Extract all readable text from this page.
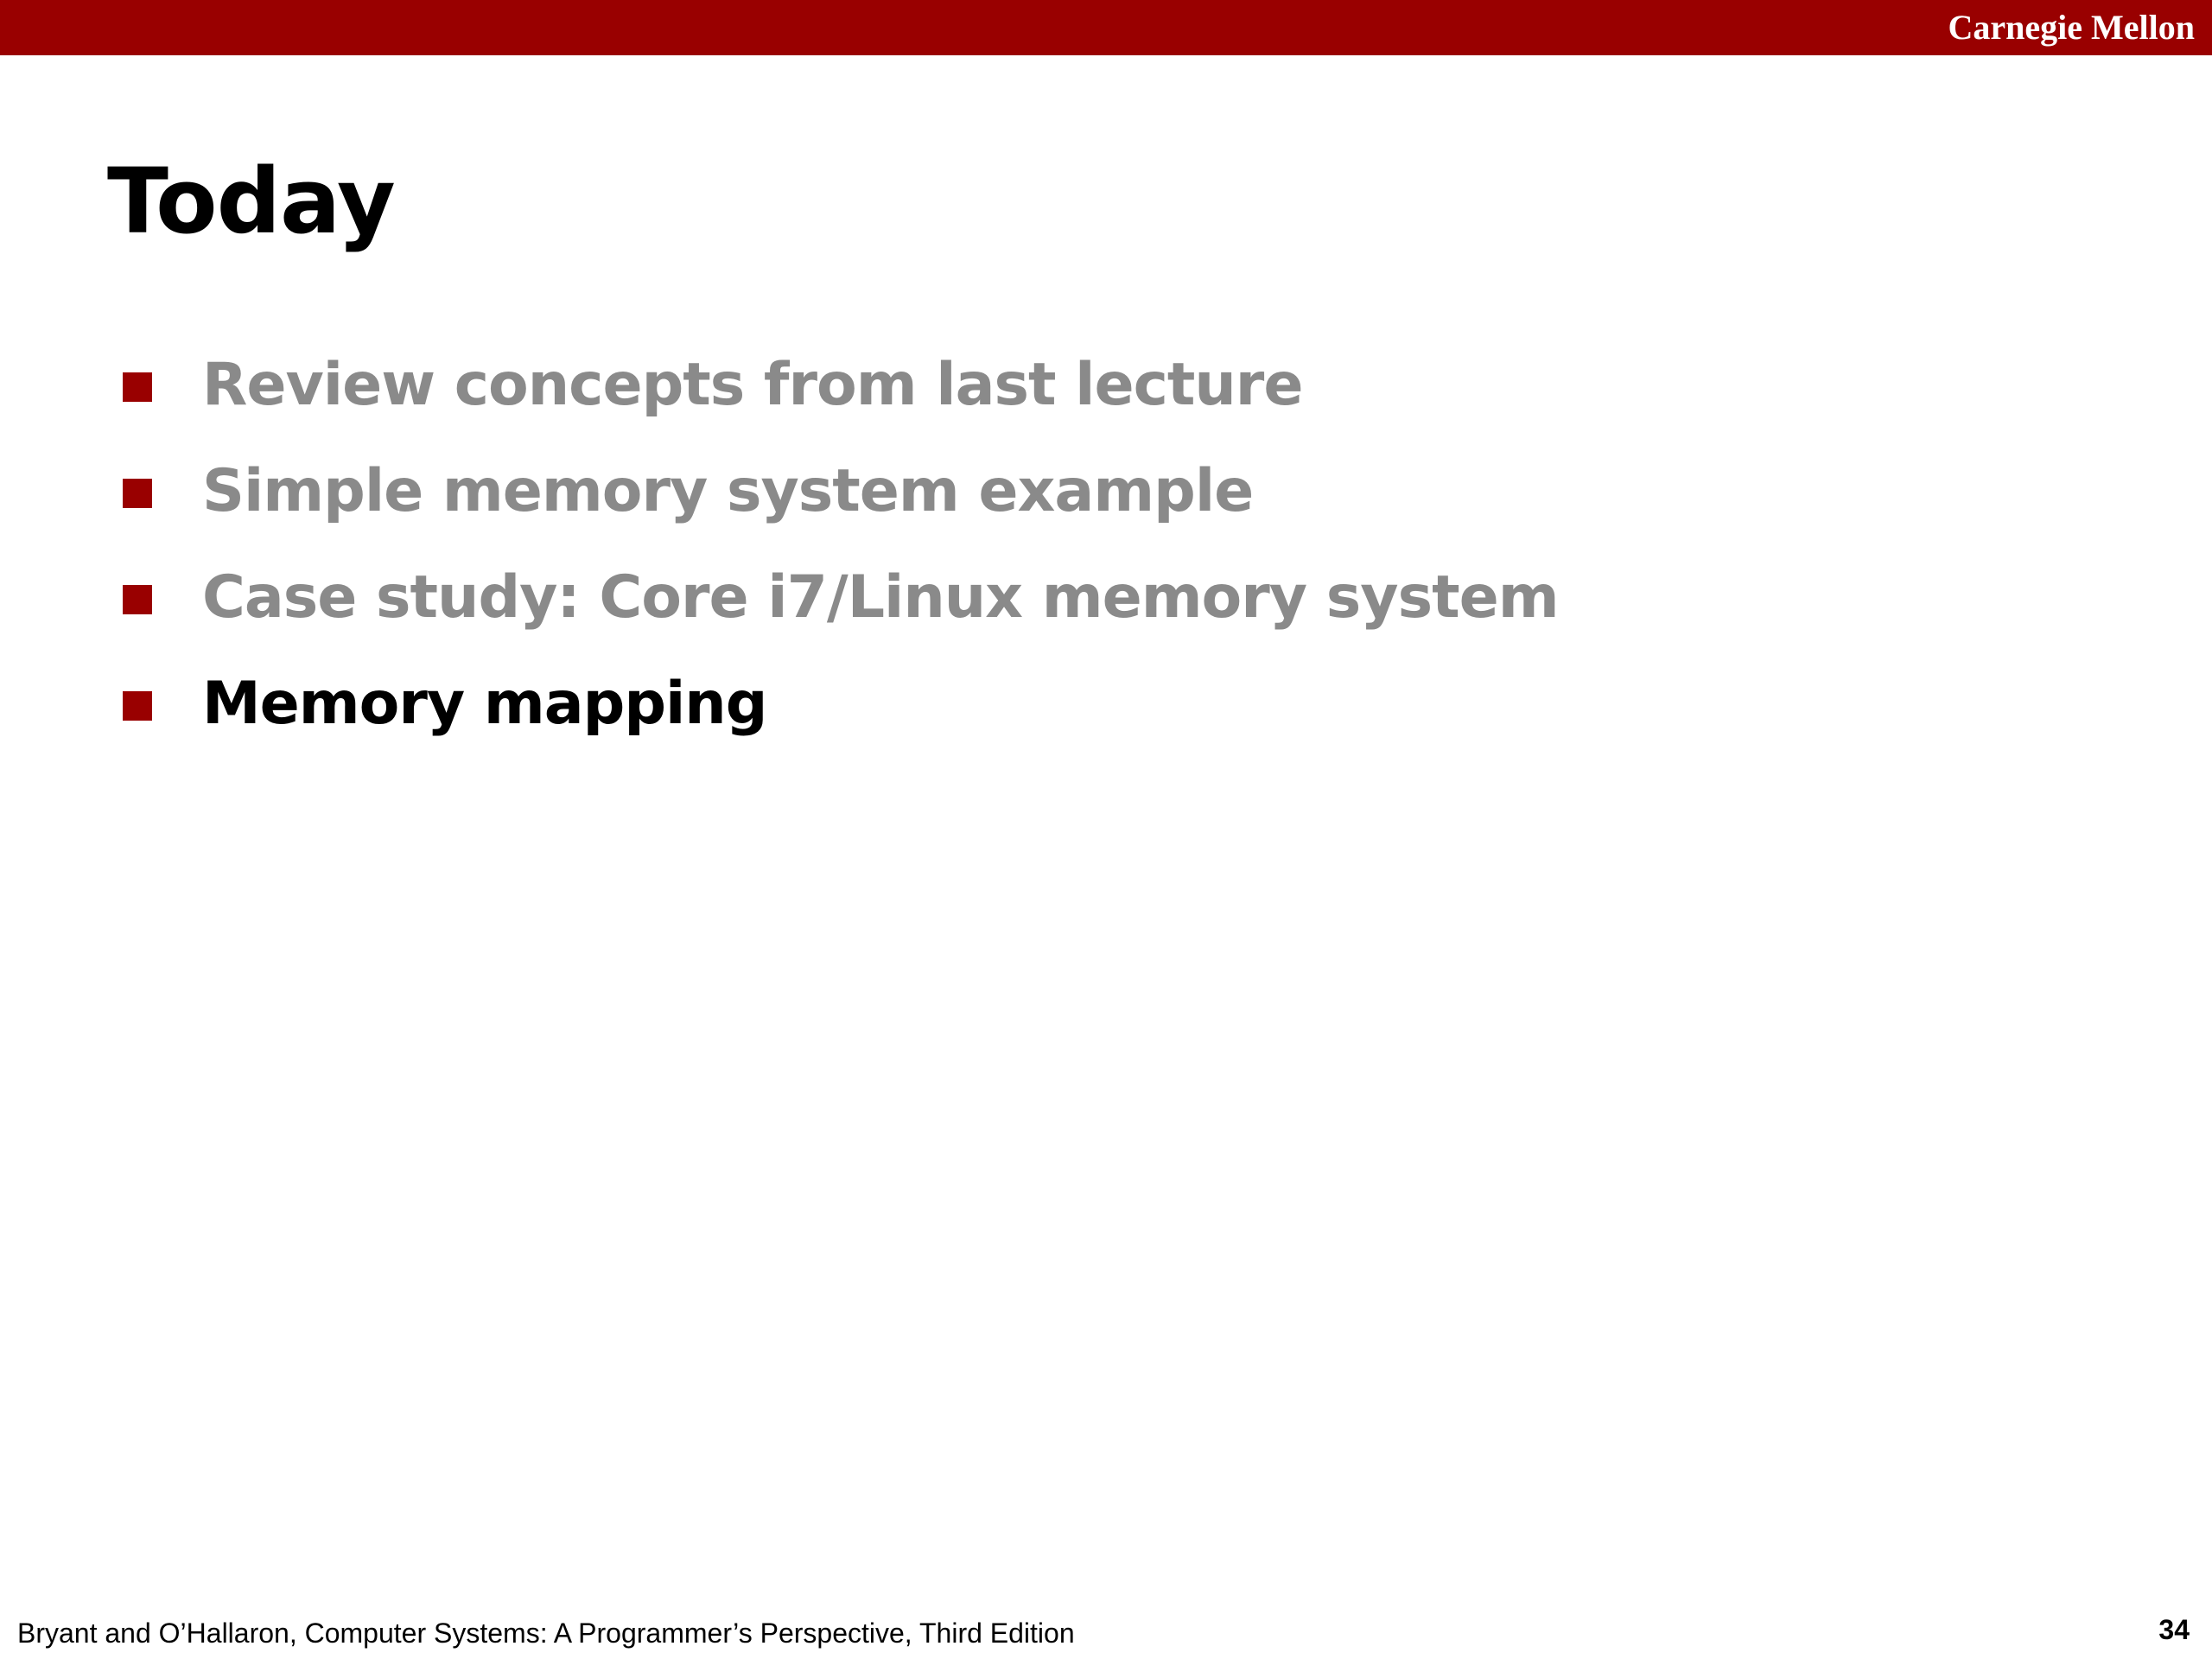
Carnegie Mellon
Today
Review concepts from last lecture
Simple memory system example
Case study: Core i7/Linux memory system
Memory mapping
Bryant and O’Hallaron, Computer Systems: A Programmer’s Perspective, Third Edition	34
